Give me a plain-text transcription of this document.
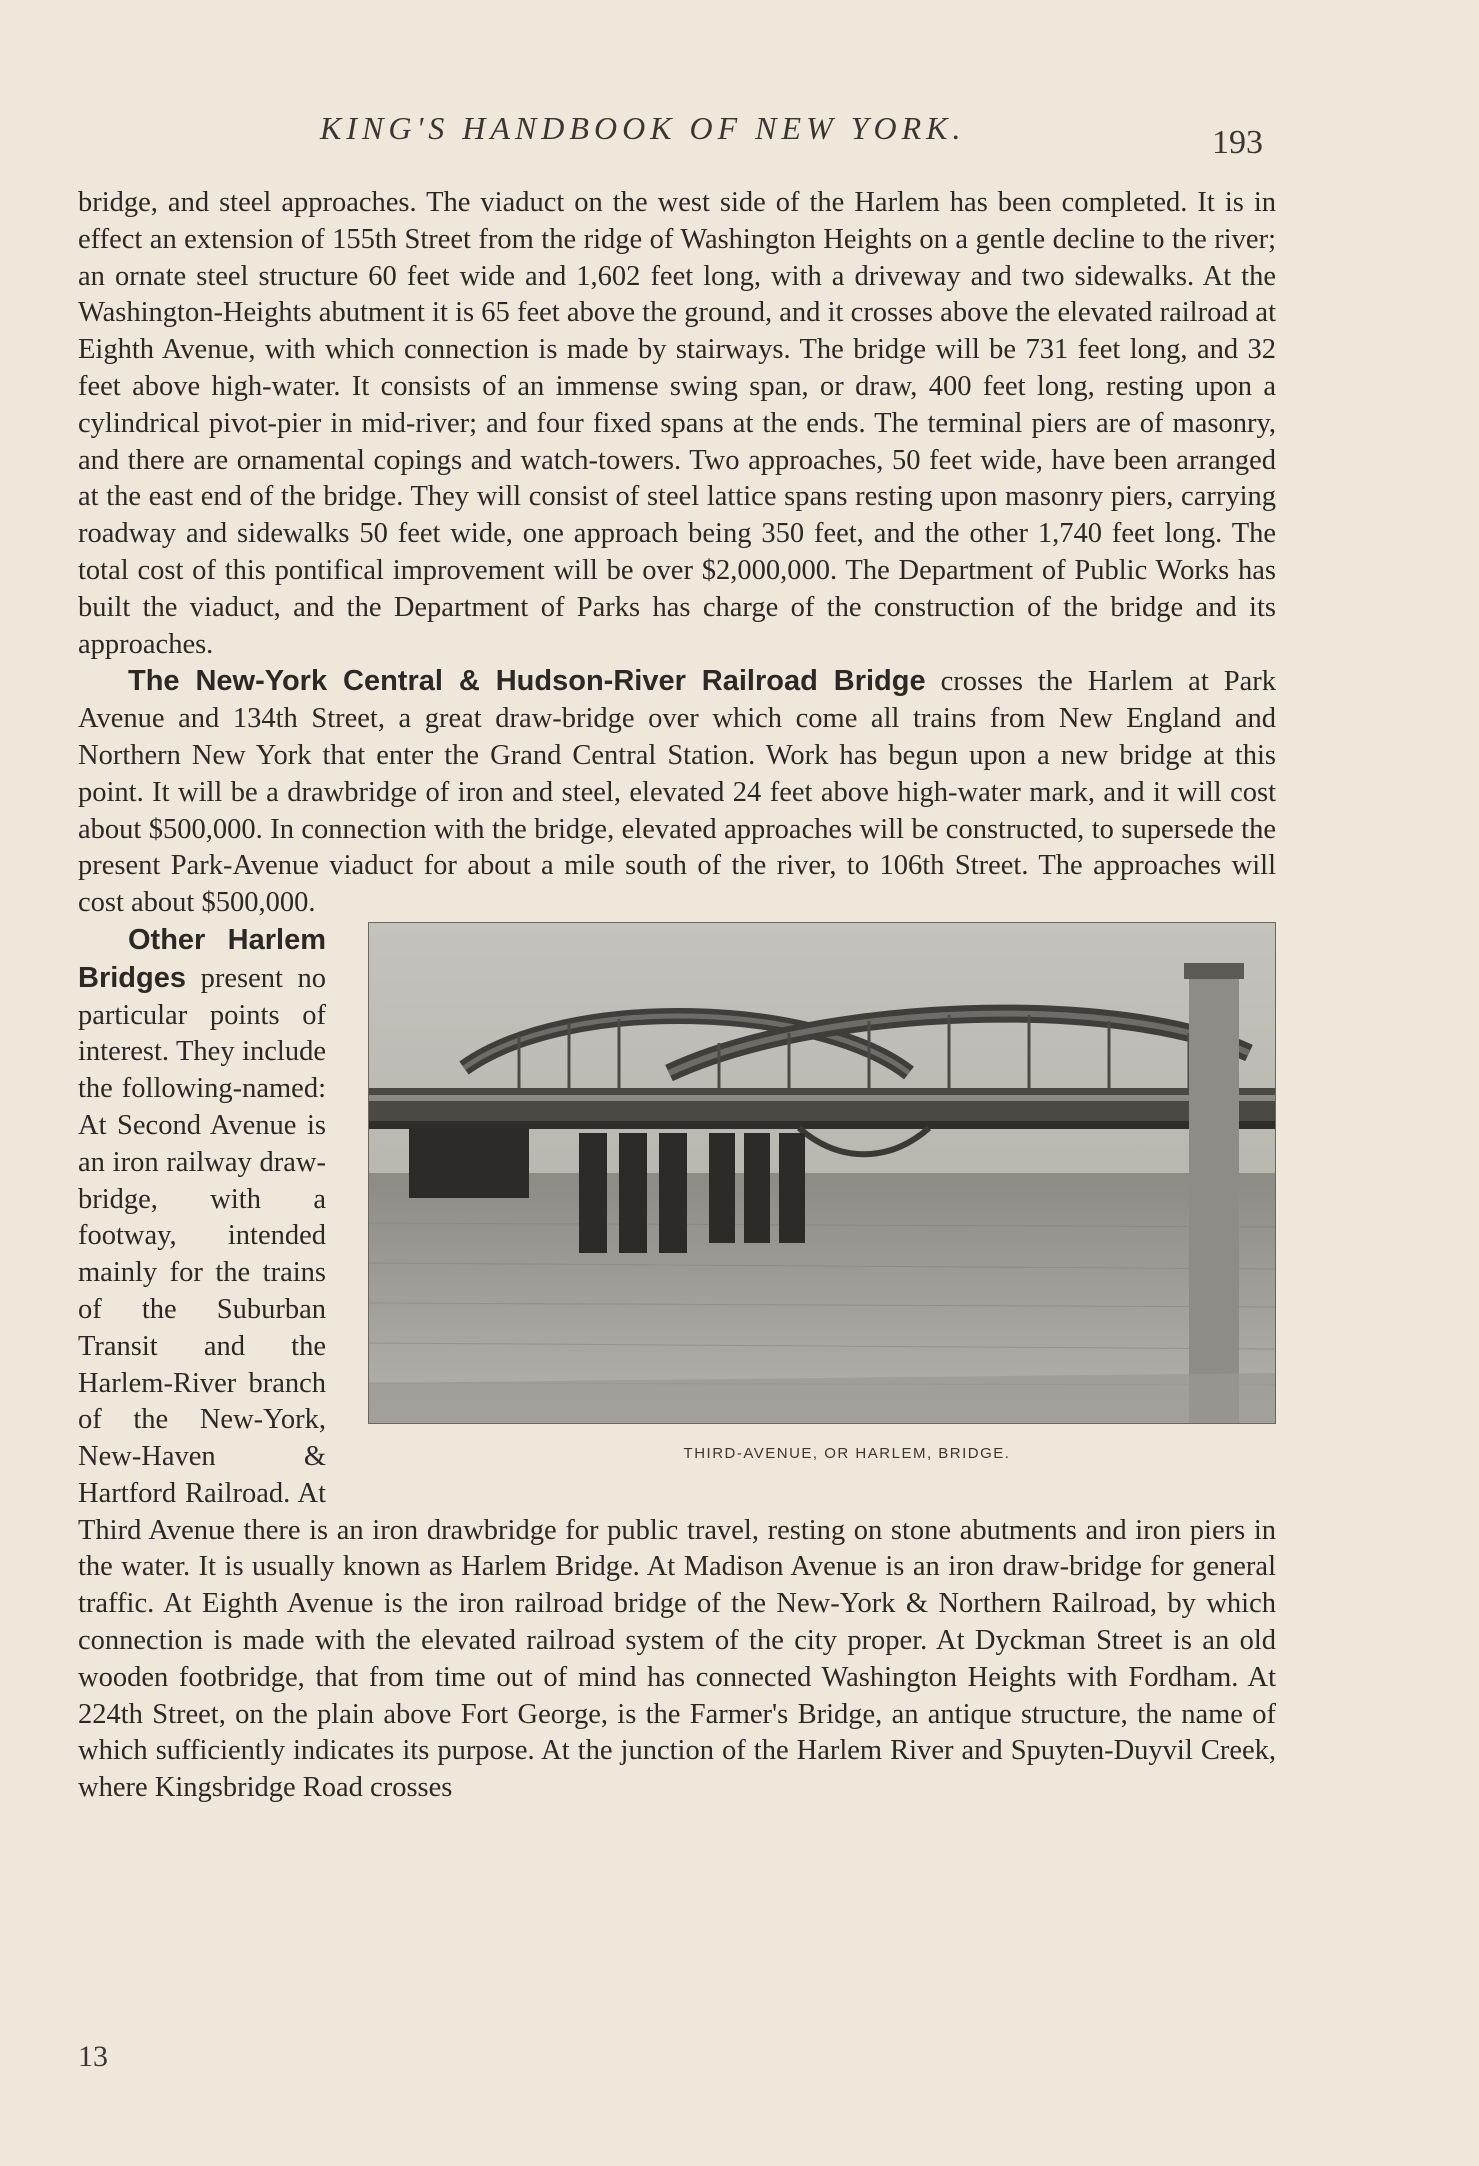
KING'S HANDBOOK OF NEW YORK.	193

bridge, and steel approaches. The viaduct on the west side of the Harlem has been completed. It is in effect an extension of 155th Street from the ridge of Washington Heights on a gentle decline to the river; an ornate steel structure 60 feet wide and 1,602 feet long, with a driveway and two sidewalks. At the Washington-Heights abutment it is 65 feet above the ground, and it crosses above the elevated railroad at Eighth Avenue, with which connection is made by stairways. The bridge will be 731 feet long, and 32 feet above high-water. It consists of an immense swing span, or draw, 400 feet long, resting upon a cylindrical pivot-pier in mid-river; and four fixed spans at the ends. The terminal piers are of masonry, and there are ornamental copings and watch-towers. Two approaches, 50 feet wide, have been arranged at the east end of the bridge. They will consist of steel lattice spans resting upon masonry piers, carrying roadway and sidewalks 50 feet wide, one approach being 350 feet, and the other 1,740 feet long. The total cost of this pontifical improvement will be over $2,000,000. The Department of Public Works has built the viaduct, and the Department of Parks has charge of the construction of the bridge and its approaches.

The New-York Central & Hudson-River Railroad Bridge crosses the Harlem at Park Avenue and 134th Street, a great draw-bridge over which come all trains from New England and Northern New York that enter the Grand Central Station. Work has begun upon a new bridge at this point. It will be a drawbridge of iron and steel, elevated 24 feet above high-water mark, and it will cost about $500,000. In connection with the bridge, elevated approaches will be constructed, to supersede the present Park-Avenue viaduct for about a mile south of the river, to 106th Street. The approaches will cost about $500,000.

THIRD-AVENUE, OR HARLEM, BRIDGE.
Other Harlem Bridges present no particular points of interest. They include the following-named: At Second Avenue is an iron railway draw-bridge, with a footway, intended mainly for the trains of the Suburban Transit and the Harlem-River branch of the New-York, New-Haven & Hartford Railroad. At Third Avenue there is an iron drawbridge for public travel, resting on stone abutments and iron piers in the water. It is usually known as Harlem Bridge. At Madison Avenue is an iron draw-bridge for general traffic. At Eighth Avenue is the iron railroad bridge of the New-York & Northern Railroad, by which connection is made with the elevated railroad system of the city proper. At Dyckman Street is an old wooden footbridge, that from time out of mind has connected Washington Heights with Fordham. At 224th Street, on the plain above Fort George, is the Farmer's Bridge, an antique structure, the name of which sufficiently indicates its purpose. At the junction of the Harlem River and Spuyten-Duyvil Creek, where Kingsbridge Road crosses

13
